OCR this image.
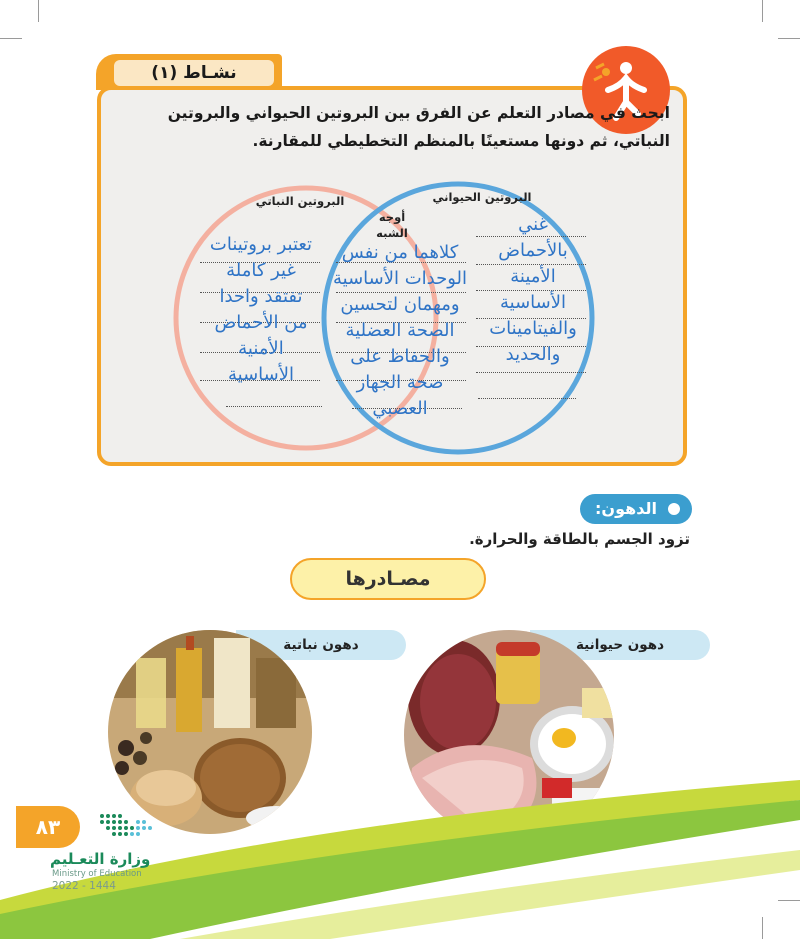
نشـاط (١)
ابحث في مصادر التعلم عن الفرق بين البروتين الحيواني والبروتين
النباتي، ثم دونها مستعينًا بالمنظم التخطيطي للمقارنة.
البروتين النباتي	البروتين الحيواني
أوجه
الشبه
تعتبر بروتينات
غير كاملة
تفتقد واحدا
من الأحماض
الأمنية
الأساسية
كلاهما من نفس
الوحدات الأساسية
ومهمان لتحسين
الصحة العضلية
والحفاظ على
صحة الجهاز
العصبي
غني
بالأحماض
الأمينة
الأساسية
والفيتامينات
والحديد
الدهون:
تزود الجسم بالطاقة والحرارة.
مصـادرها
دهون نباتية	دهون حيوانية
٨٣
وزارة التعـليم
Ministry of Education
2022 - 1444
